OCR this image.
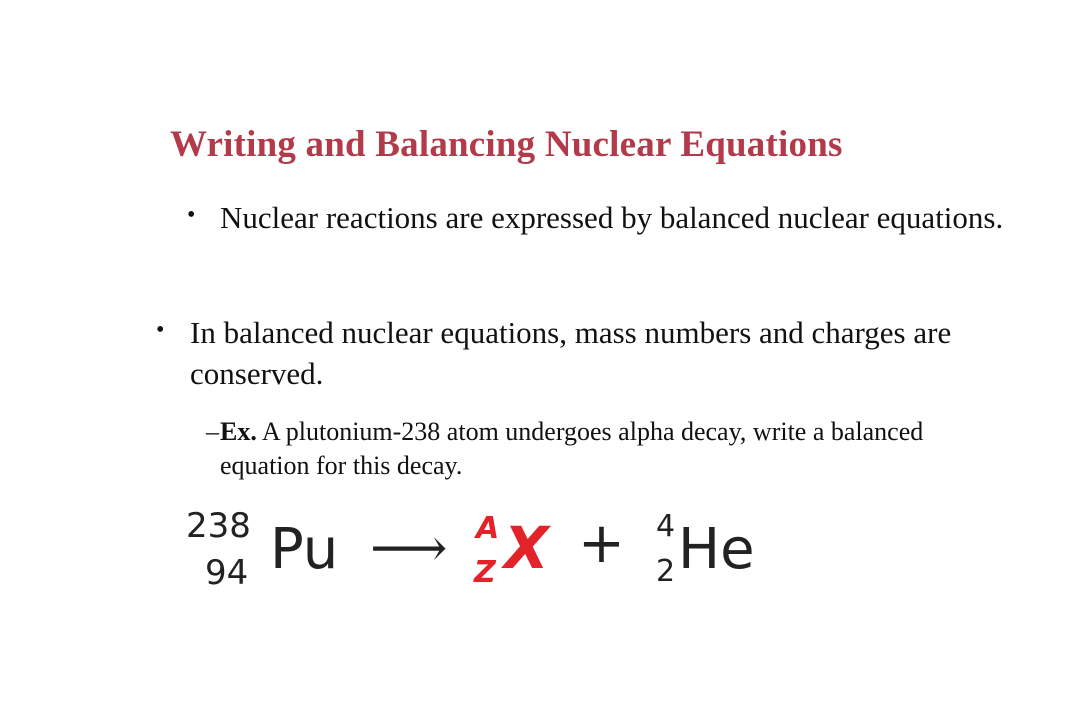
Writing and Balancing Nuclear Equations
• Nuclear reactions are expressed by balanced nuclear equations.
• In balanced nuclear equations, mass numbers and charges are conserved.
– Ex. A plutonium-238 atom undergoes alpha decay, write a balanced equation for this decay.
238
94 Pu ⟶ A
Z X + 4
2 He
